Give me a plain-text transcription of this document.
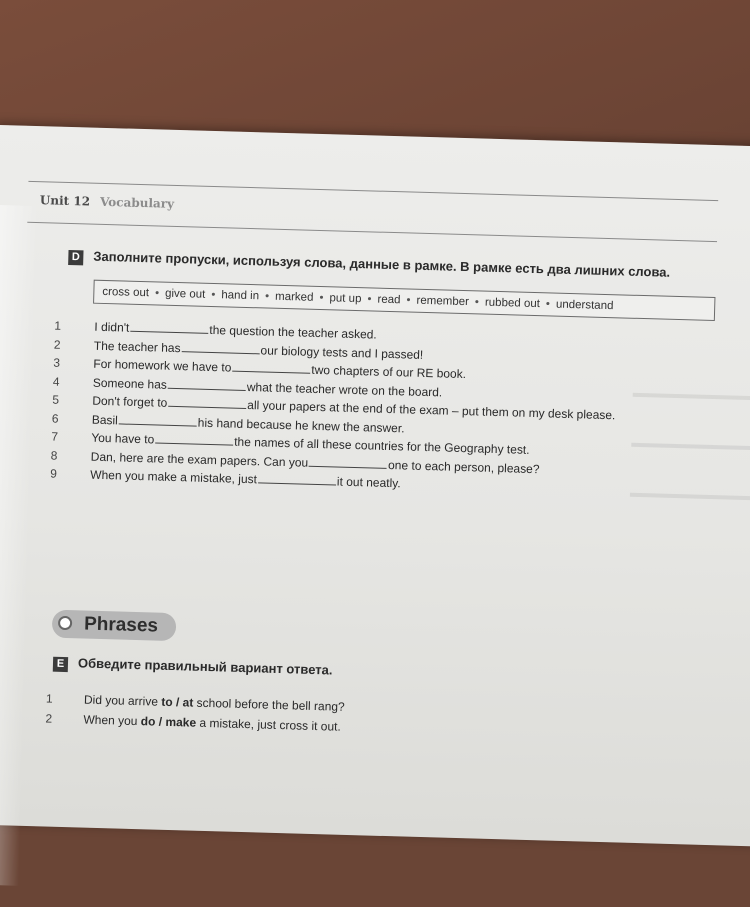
Unit 12 Vocabulary
D Заполните пропуски, используя слова, данные в рамке. В рамке есть два лишних слова.
cross out • give out • hand in • marked • put up • read • remember • rubbed out • understand
1	I didn't	the question the teacher asked.
2	The teacher has	our biology tests and I passed!
3	For homework we have to	two chapters of our RE book.
4	Someone has	what the teacher wrote on the board.
5	Don't forget to	all your papers at the end of the exam – put them on my desk please.
6	Basil	his hand because he knew the answer.
7	You have to	the names of all these countries for the Geography test.
8	Dan, here are the exam papers. Can you	one to each person, please?
9	When you make a mistake, just	it out neatly.
Phrases
E Обведите правильный вариант ответа.
1	Did you arrive to / at school before the bell rang?
2	When you do / make a mistake, just cross it out.
